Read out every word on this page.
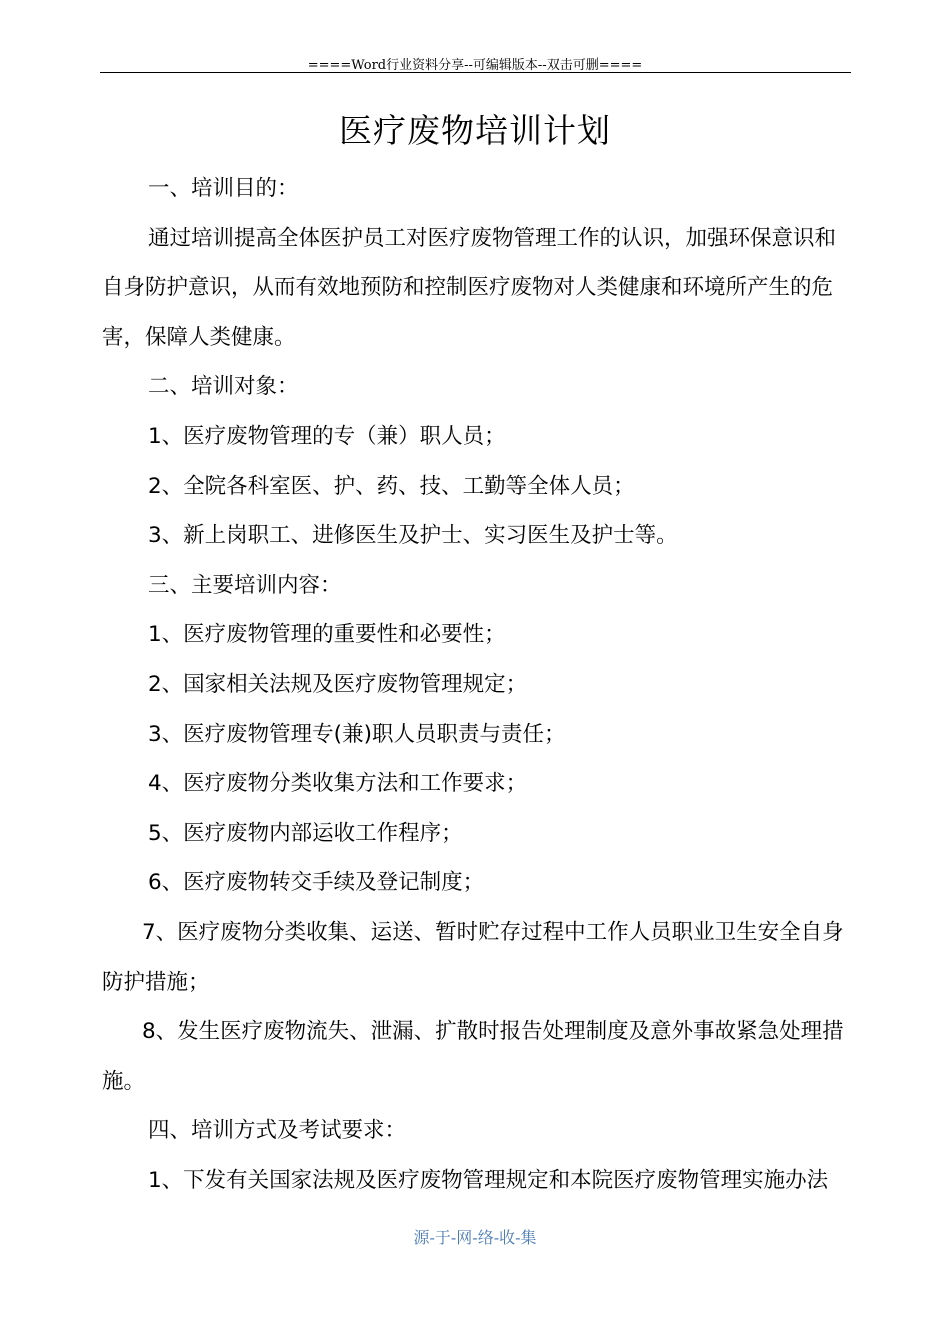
====Word行业资料分享--可编辑版本--双击可删====
医疗废物培训计划

一、培训目的：

通过培训提高全体医护员工对医疗废物管理工作的认识，加强环保意识和自身防护意识，从而有效地预防和控制医疗废物对人类健康和环境所产生的危害，保障人类健康。

二、培训对象：

1、医疗废物管理的专（兼）职人员；

2、全院各科室医、护、药、技、工勤等全体人员；

3、新上岗职工、进修医生及护士、实习医生及护士等。

三、主要培训内容：

1、医疗废物管理的重要性和必要性；

2、国家相关法规及医疗废物管理规定；

3、医疗废物管理专(兼)职人员职责与责任；

4、医疗废物分类收集方法和工作要求；

5、医疗废物内部运收工作程序；

6、医疗废物转交手续及登记制度；

7、医疗废物分类收集、运送、暂时贮存过程中工作人员职业卫生安全自身防护措施；

8、发生医疗废物流失、泄漏、扩散时报告处理制度及意外事故紧急处理措施。

四、培训方式及考试要求：

1、下发有关国家法规及医疗废物管理规定和本院医疗废物管理实施办法

源-于-网-络-收-集
